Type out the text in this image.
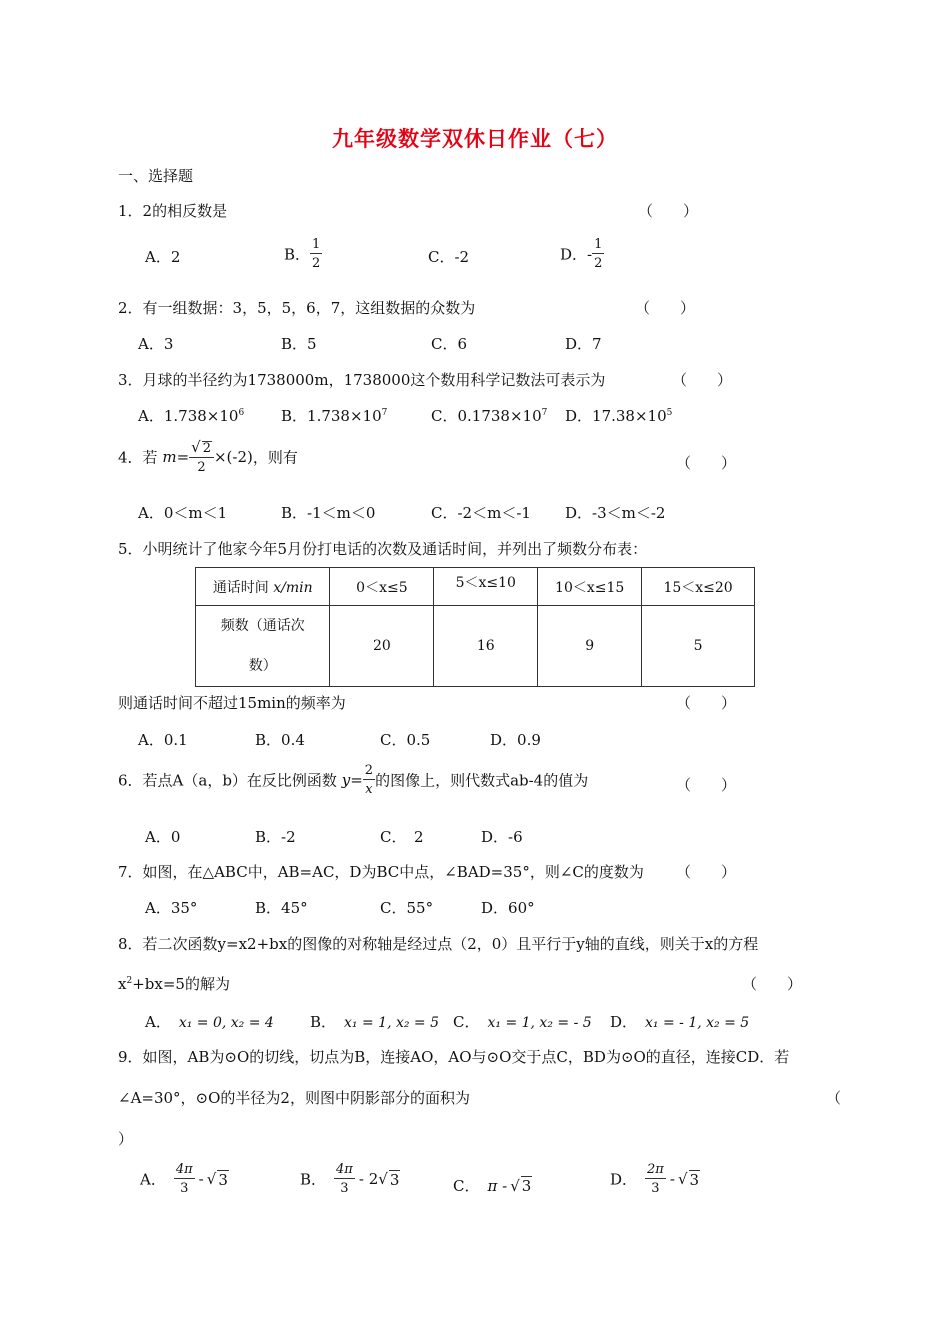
九年级数学双休日作业（七）
一、选择题
1．2的相反数是	（　　）
A．2	B． $\frac{1}{2}$	C．-2	D．- $\frac{1}{2}$
2．有一组数据：3，5，5，6，7，这组数据的众数为	（　　）
A．3	B．5	C．6	D．7
3．月球的半径约为1738000m，1738000这个数用科学记数法可表示为	（　　）
A．$1.738\times 10^6$ B．$1.738\times 10^7$	C．$0.1738\times 10^7$ D．$17.38\times 10^5$
4．若 $m= \frac{√ 2}{2} \times(-2)$，则有	（　　）
A．0＜m＜1	B．-1＜m＜0	C．-2＜m＜-1 D．-3＜m＜-2
5．小明统计了他家今年5月份打电话的次数及通话时间，并列出了频数分布表：
通话时间 x/min	0＜x≤5	5＜x≤10	10＜x≤15	15＜x≤20

频数（通话次
数）	20	16	9	5
则通话时间不超过15min的频率为	（　　）
A．0.1	B．0.4	C．0.5	D．0.9
6．若点A（a，b）在反比例函数 $y= \frac{2}{x}$ 的图像上，则代数式ab-4的值为	（　　）
A．0	B．-2	C．　2	D．-6
7．如图，在△ABC中，AB=AC，D为BC中点，∠BAD=35°，则∠C的度数为 （　　）
A．35°	B．45°	C．55°	D．60°
8．若二次函数y=x2+bx的图像的对称轴是经过点（2，0）且平行于y轴的直线，则关于x的方程
$x^2+bx=5$的解为	（　　）
A． x₁ = 0, x₂ = 4 B． x₁ = 1, x₂ = 5 C． x₁ = 1, x₂ = - 5 D． x₁ = - 1, x₂ = 5
9．如图，AB为⊙O的切线，切点为B，连接AO，AO与⊙O交于点C，BD为⊙O的直径，连接CD．若
∠A=30°，⊙O的半径为2，则图中阴影部分的面积为	（
）
A． $\frac{4\pi}{3}$ - √ 3	B． $\frac{4\pi}{3} - 2√$ 3	C． π - √ 3	D． $\frac{2\pi}{3}$ - √ 3
